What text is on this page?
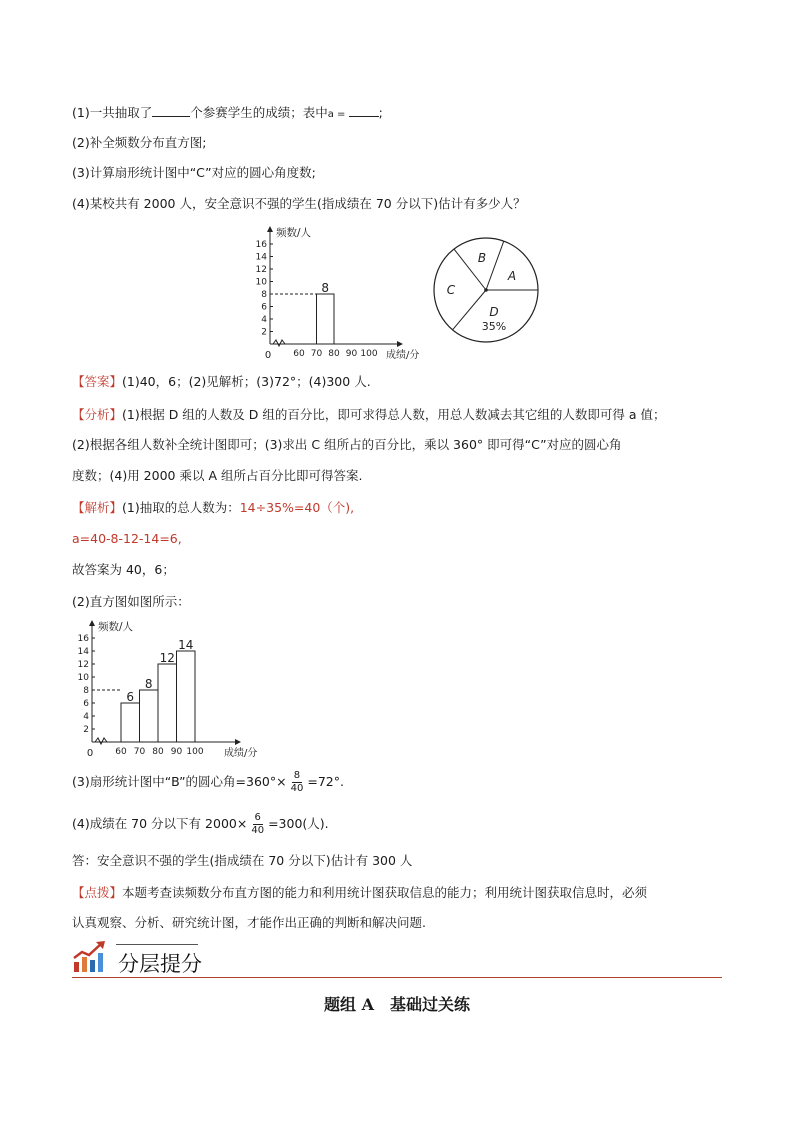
(1)一共抽取了	个参赛学生的成绩；表中a = ;
(2)补全频数分布直方图;
(3)计算扇形统计图中“C”对应的圆心角度数;
(4)某校共有 2000 人，安全意识不强的学生(指成绩在 70 分以下)估计有多少人？
2
4
6
8
10
12
14
16
0 60 70 80 90 100 成绩/分
频数/人
8
A
B
C
D
35%
【答案】(1)40，6；(2)见解析；(3)72°；(4)300 人.
【分析】(1)根据 D 组的人数及 D 组的百分比，即可求得总人数，用总人数减去其它组的人数即可得 a 值；
(2)根据各组人数补全统计图即可；(3)求出 C 组所占的百分比，乘以 360° 即可得“C”对应的圆心角
度数；(4)用 2000 乘以 A 组所占百分比即可得答案.
【解析】(1)抽取的总人数为：14÷35%=40（个),
a=40-8-12-14=6,
故答案为 40，6；
(2)直方图如图所示：
2
4
6
8
10
12
14
16
0 60 70 80 90 100 成绩/分
频数/人
6
8
12
14
(3)扇形统计图中“B”的圆心角$=360^\circ\times \frac{8}{40} =72^\circ$.
(4)成绩在 70 分以下有 $2000\times \frac{6}{40} =300$(人).
答：安全意识不强的学生(指成绩在 70 分以下)估计有 300 人
【点拨】本题考查读频数分布直方图的能力和利用统计图获取信息的能力；利用统计图获取信息时，必须
认真观察、分析、研究统计图，才能作出正确的判断和解决问题.
分层提分
题组 A　基础过关练
